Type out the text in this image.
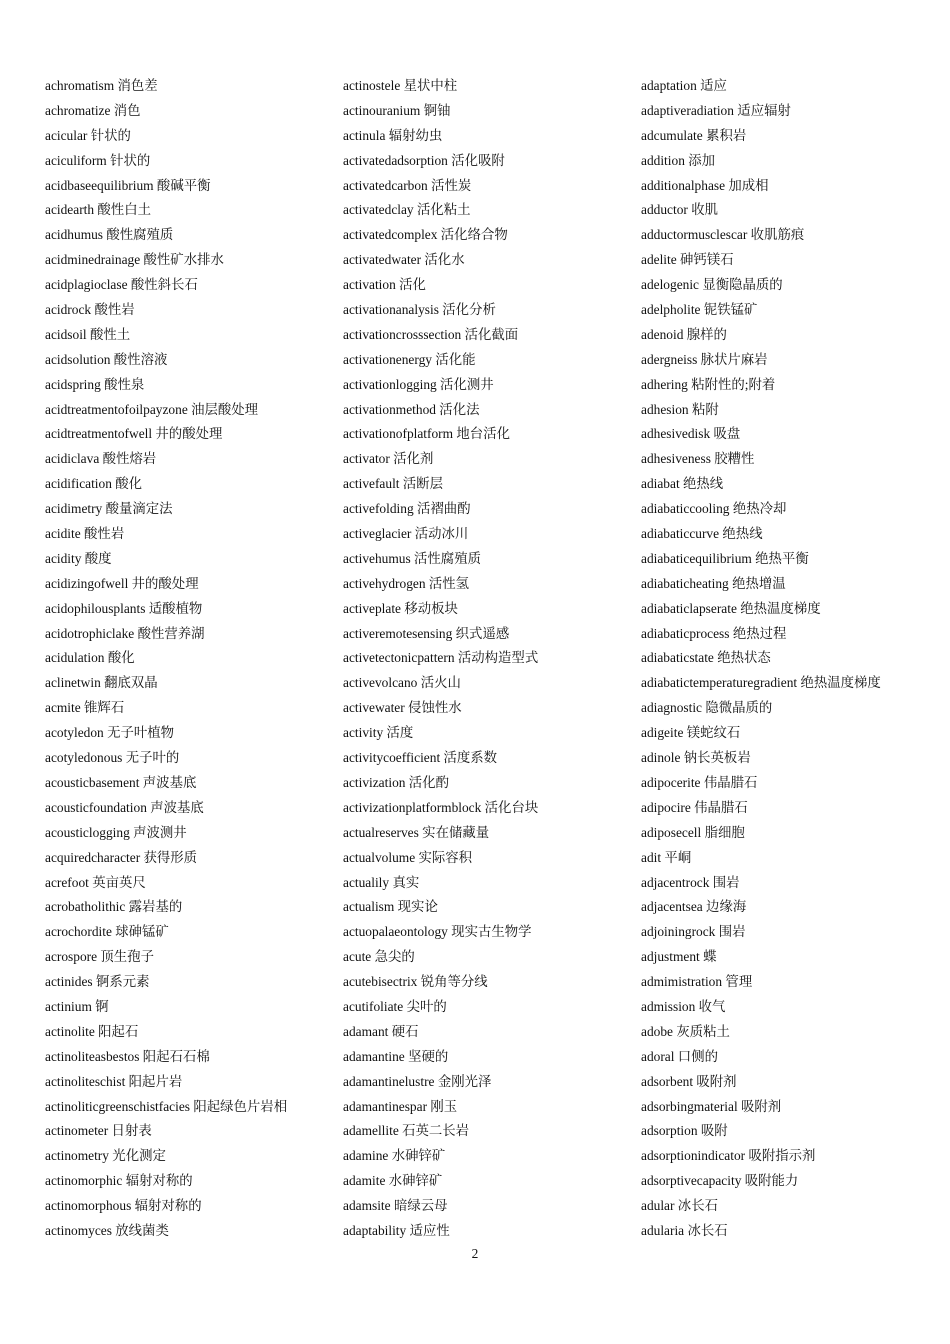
achromatism 消色差
achromatize 消色
acicular 针状的
aciculiform 针状的
acidbaseequilibrium 酸碱平衡
acidearth 酸性白土
acidhumus 酸性腐殖质
acidminedrainage 酸性矿水排水
acidplagioclase 酸性斜长石
acidrock 酸性岩
acidsoil 酸性土
acidsolution 酸性溶液
acidspring 酸性泉
acidtreatmentofoilpayzone 油层酸处理
acidtreatmentofwell 井的酸处理
acidiclava 酸性熔岩
acidification 酸化
acidimetry 酸量滴定法
acidite 酸性岩
acidity 酸度
acidizingofwell 井的酸处理
acidophilousplants 适酸植物
acidotrophiclake 酸性营养湖
acidulation 酸化
aclinetwin 翻底双晶
acmite 锥辉石
acotyledon 无子叶植物
acotyledonous 无子叶的
acousticbasement 声波基底
acousticfoundation 声波基底
acousticlogging 声波测井
acquiredcharacter 获得形质
acrefoot 英亩英尺
acrobatholithic 露岩基的
acrochordite 球砷锰矿
acrospore 顶生孢子
actinides 锕系元素
actinium 锕
actinolite 阳起石
actinoliteasbestos 阳起石石棉
actinoliteschist 阳起片岩
actinoliticgreenschistfacies 阳起绿色片岩相
actinometer 日射表
actinometry 光化测定
actinomorphic 辐射对称的
actinomorphous 辐射对称的
actinomyces 放线菌类
actinostele 星状中柱
actinouranium 锕铀
actinula 辐射幼虫
activatedadsorption 活化吸附
activatedcarbon 活性炭
activatedclay 活化粘土
activatedcomplex 活化络合物
activatedwater 活化水
activation 活化
activationanalysis 活化分析
activationcrosssection 活化截面
activationenergy 活化能
activationlogging 活化测井
activationmethod 活化法
activationofplatform 地台活化
activator 活化剂
activefault 活断层
activefolding 活褶曲酌
activeglacier 活动冰川
activehumus 活性腐殖质
activehydrogen 活性氢
activeplate 移动板块
activeremotesensing 织式遥感
activetectonicpattern 活动构造型式
activevolcano 活火山
activewater 侵蚀性水
activity 活度
activitycoefficient 活度系数
activization 活化酌
activizationplatformblock 活化台块
actualreserves 实在储藏量
actualvolume 实际容积
actualily 真实
actualism 现实论
actuopalaeontology 现实古生物学
acute 急尖的
acutebisectrix 锐角等分线
acutifoliate 尖叶的
adamant 硬石
adamantine 坚硬的
adamantinelustre 金刚光泽
adamantinespar 刚玉
adamellite 石英二长岩
adamine 水砷锌矿
adamite 水砷锌矿
adamsite 暗绿云母
adaptability 适应性
adaptation 适应
adaptiveradiation 适应辐射
adcumulate 累积岩
addition 添加
additionalphase 加成相
adductor 收肌
adductormusclescar 收肌筋痕
adelite 砷钙镁石
adelogenic 显衡隐晶质的
adelpholite 铌铁锰矿
adenoid 腺样的
adergneiss 脉状片麻岩
adhering 粘附性的;附着
adhesion 粘附
adhesivedisk 吸盘
adhesiveness 胶糟性
adiabat 绝热线
adiabaticcooling 绝热冷却
adiabaticcurve 绝热线
adiabaticequilibrium 绝热平衡
adiabaticheating 绝热增温
adiabaticlapserate 绝热温度梯度
adiabaticprocess 绝热过程
adiabaticstate 绝热状态
adiabatictemperaturegradient 绝热温度梯度
adiagnostic 隐微晶质的
adigeite 镁蛇纹石
adinole 钠长英板岩
adipocerite 伟晶腊石
adipocire 伟晶腊石
adiposecell 脂细胞
adit 平峒
adjacentrock 围岩
adjacentsea 边缘海
adjoiningrock 围岩
adjustment 蝶
admimistration 管理
admission 收气
adobe 灰质粘土
adoral 口侧的
adsorbent 吸附剂
adsorbingmaterial 吸附剂
adsorption 吸附
adsorptionindicator 吸附指示剂
adsorptivecapacity 吸附能力
adular 冰长石
adularia 冰长石
2
